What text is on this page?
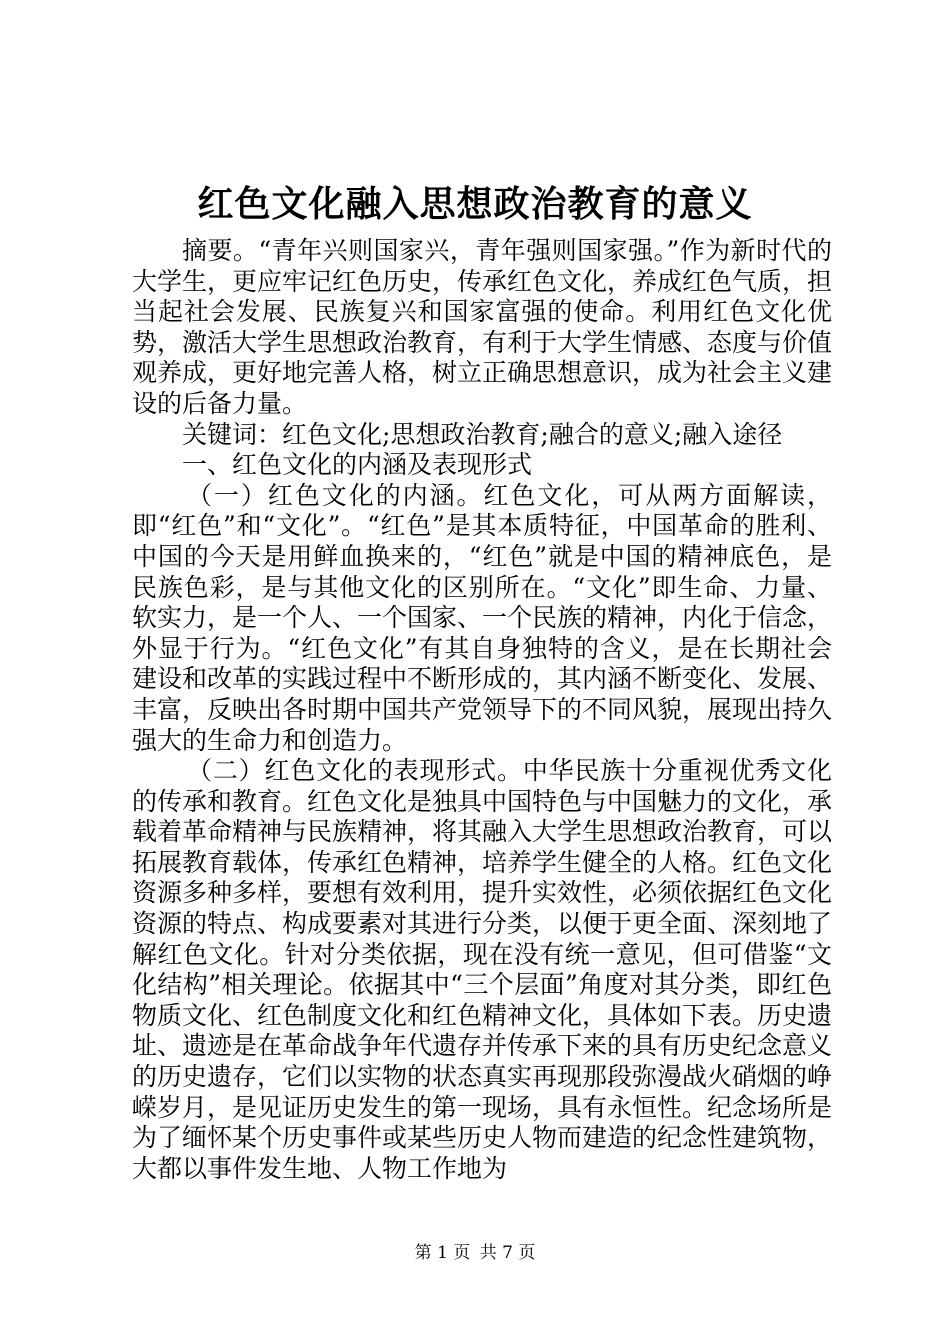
红色文化融入思想政治教育的意义

摘要。“青年兴则国家兴，青年强则国家强。”作为新时代的大学生，更应牢记红色历史，传承红色文化，养成红色气质，担当起社会发展、民族复兴和国家富强的使命。利用红色文化优势，激活大学生思想政治教育，有利于大学生情感、态度与价值观养成，更好地完善人格，树立正确思想意识，成为社会主义建设的后备力量。

关键词：红色文化;思想政治教育;融合的意义;融入途径

一、红色文化的内涵及表现形式

（一）红色文化的内涵。红色文化，可从两方面解读，即“红色”和“文化”。“红色”是其本质特征，中国革命的胜利、中国的今天是用鲜血换来的，“红色”就是中国的精神底色，是民族色彩，是与其他文化的区别所在。“文化”即生命、力量、软实力，是一个人、一个国家、一个民族的精神，内化于信念，外显于行为。“红色文化”有其自身独特的含义，是在长期社会建设和改革的实践过程中不断形成的，其内涵不断变化、发展、丰富，反映出各时期中国共产党领导下的不同风貌，展现出持久强大的生命力和创造力。

（二）红色文化的表现形式。中华民族十分重视优秀文化的传承和教育。红色文化是独具中国特色与中国魅力的文化，承载着革命精神与民族精神，将其融入大学生思想政治教育，可以拓展教育载体，传承红色精神，培养学生健全的人格。红色文化资源多种多样，要想有效利用，提升实效性，必须依据红色文化资源的特点、构成要素对其进行分类，以便于更全面、深刻地了解红色文化。针对分类依据，现在没有统一意见，但可借鉴“文化结构”相关理论。依据其中“三个层面”角度对其分类，即红色物质文化、红色制度文化和红色精神文化，具体如下表。历史遗址、遗迹是在革命战争年代遗存并传承下来的具有历史纪念意义的历史遗存，它们以实物的状态真实再现那段弥漫战火硝烟的峥嵘岁月，是见证历史发生的第一现场，具有永恒性。纪念场所是为了缅怀某个历史事件或某些历史人物而建造的纪念性建筑物，大都以事件发生地、人物工作地为

第 1 页 共 7 页
